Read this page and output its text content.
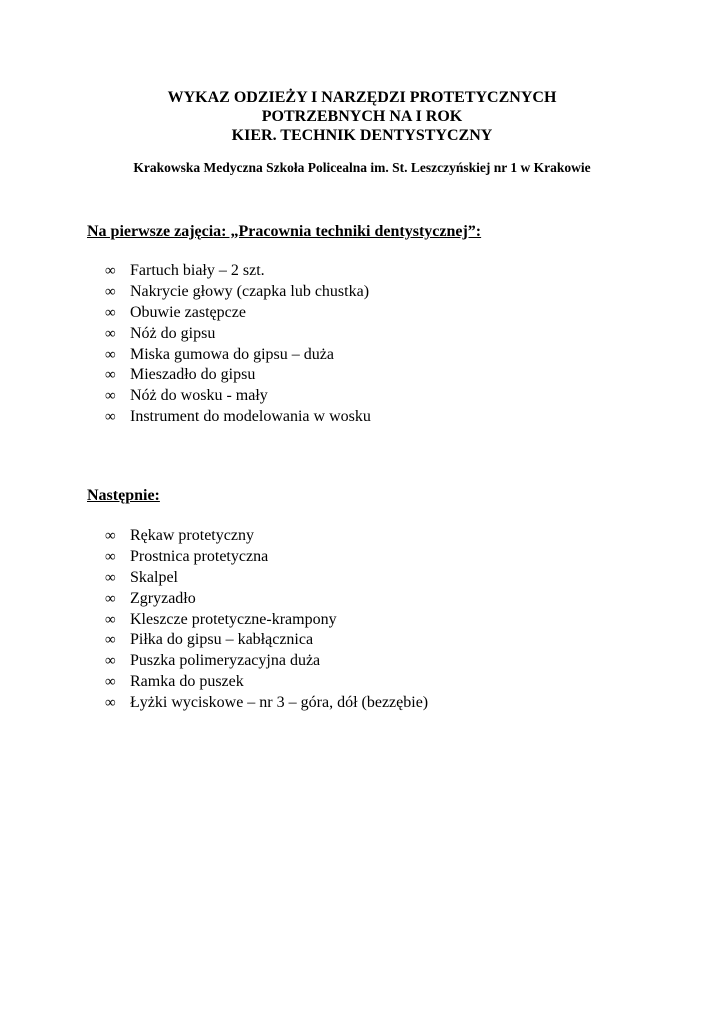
WYKAZ ODZIEŻY I NARZĘDZI PROTETYCZNYCH
POTRZEBNYCH NA I ROK
KIER. TECHNIK DENTYSTYCZNY
Krakowska Medyczna Szkoła Policealna im. St. Leszczyńskiej nr 1 w Krakowie
Na pierwsze zajęcia: „Pracownia techniki dentystycznej”:
∞ Fartuch biały – 2 szt.
∞ Nakrycie głowy (czapka lub chustka)
∞ Obuwie zastępcze
∞ Nóż do gipsu
∞ Miska gumowa do gipsu – duża
∞ Mieszadło do gipsu
∞ Nóż do wosku - mały
∞ Instrument do modelowania w wosku
Następnie:
∞ Rękaw protetyczny
∞ Prostnica protetyczna
∞ Skalpel
∞ Zgryzadło
∞ Kleszcze protetyczne-krampony
∞ Piłka do gipsu – kabłącznica
∞ Puszka polimeryzacyjna duża
∞ Ramka do puszek
∞ Łyżki wyciskowe – nr 3 – góra, dół (bezzębie)
